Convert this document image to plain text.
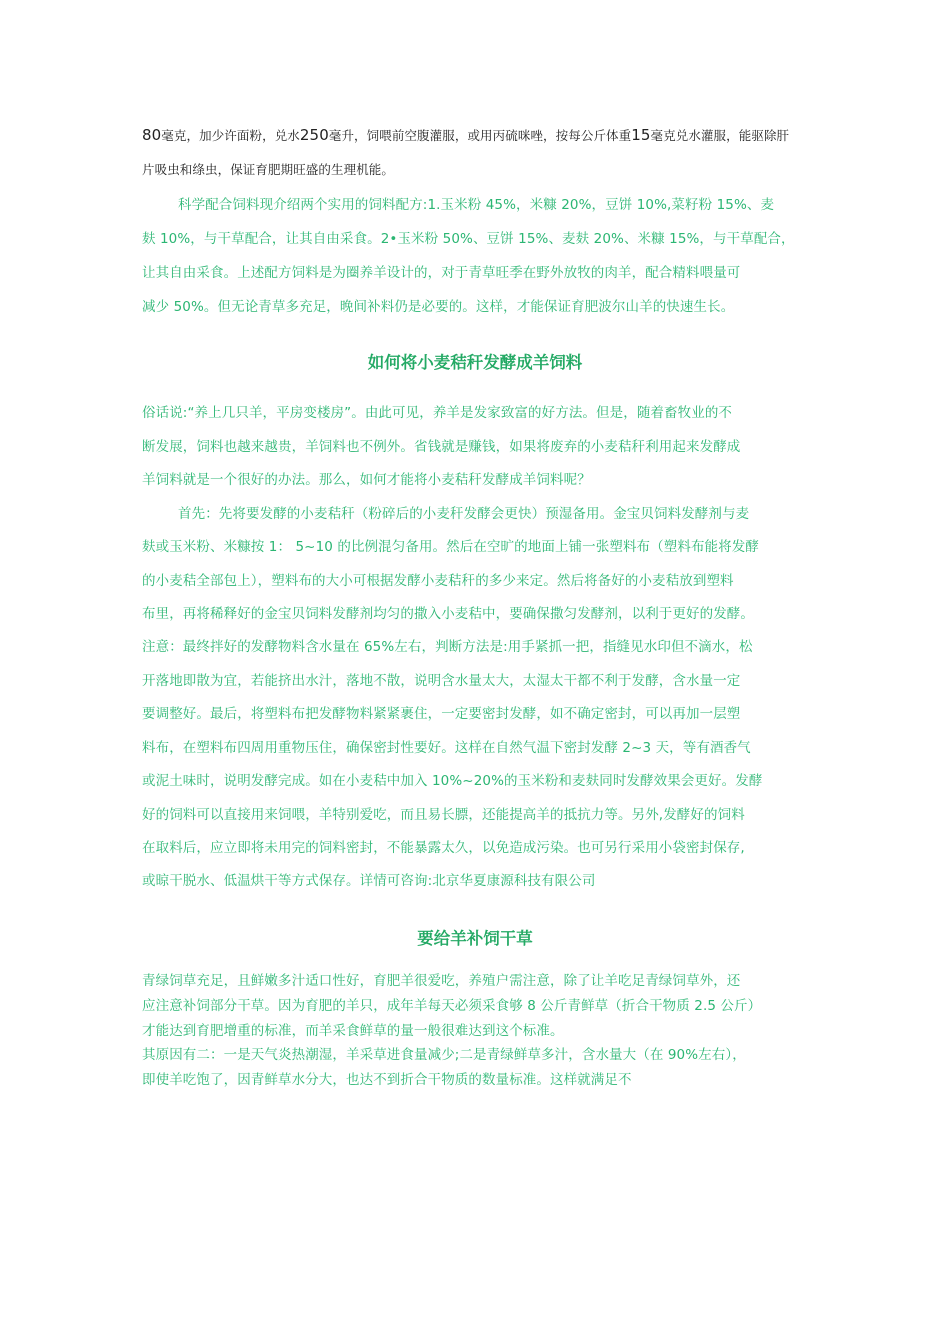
80毫克，加少许面粉，兑水250毫升，饲喂前空腹灌服，或用丙硫咪唑，按每公斤体重15毫克兑水灌服，能驱除肝
片吸虫和绦虫，保证育肥期旺盛的生理机能。
科学配合饲料现介绍两个实用的饲料配方:1.玉米粉 45%，米糠 20%，豆饼 10%,菜籽粉 15%、麦
麸 10%，与干草配合，让其自由采食。2•玉米粉 50%、豆饼 15%、麦麸 20%、米糠 15%，与干草配合，
让其自由采食。上述配方饲料是为圈养羊设计的，对于青草旺季在野外放牧的肉羊，配合精料喂量可
减少 50%。但无论青草多充足，晚间补料仍是必要的。这样，才能保证育肥波尔山羊的快速生长。
如何将小麦秸秆发酵成羊饲料
俗话说:“养上几只羊，平房变楼房”。由此可见，养羊是发家致富的好方法。但是，随着畜牧业的不
断发展，饲料也越来越贵，羊饲料也不例外。省钱就是赚钱，如果将废弃的小麦秸秆利用起来发酵成
羊饲料就是一个很好的办法。那么，如何才能将小麦秸秆发酵成羊饲料呢？
首先：先将要发酵的小麦秸秆（粉碎后的小麦秆发酵会更快）预湿备用。金宝贝饲料发酵剂与麦
麸或玉米粉、米糠按 1： 5~10 的比例混匀备用。然后在空旷的地面上铺一张塑料布（塑料布能将发酵
的小麦秸全部包上），塑料布的大小可根据发酵小麦秸秆的多少来定。然后将备好的小麦秸放到塑料
布里，再将稀释好的金宝贝饲料发酵剂均匀的撒入小麦秸中，要确保撒匀发酵剂，以利于更好的发酵。
注意：最终拌好的发酵物料含水量在 65%左右，判断方法是:用手紧抓一把，指缝见水印但不滴水，松
开落地即散为宜，若能挤出水汁，落地不散，说明含水量太大，太湿太干都不利于发酵，含水量一定
要调整好。最后，将塑料布把发酵物料紧紧裹住，一定要密封发酵，如不确定密封，可以再加一层塑
料布，在塑料布四周用重物压住，确保密封性要好。这样在自然气温下密封发酵 2~3 天，等有酒香气
或泥土味时，说明发酵完成。如在小麦秸中加入 10%~20%的玉米粉和麦麸同时发酵效果会更好。发酵
好的饲料可以直接用来饲喂，羊特别爱吃，而且易长膘，还能提高羊的抵抗力等。另外,发酵好的饲料
在取料后，应立即将未用完的饲料密封，不能暴露太久，以免造成污染。也可另行采用小袋密封保存,
或晾干脱水、低温烘干等方式保存。详情可咨询:北京华夏康源科技有限公司
要给羊补饲干草
青绿饲草充足，且鲜嫩多汁适口性好，育肥羊很爱吃，养殖户需注意，除了让羊吃足青绿饲草外，还
应注意补饲部分干草。因为育肥的羊只，成年羊每天必须采食够 8 公斤青鲜草（折合干物质 2.5 公斤）
才能达到育肥增重的标准，而羊采食鲜草的量一般很难达到这个标准。
其原因有二：一是天气炎热潮湿，羊采草进食量减少;二是青绿鲜草多汁，含水量大（在 90%左右），
即使羊吃饱了，因青鲜草水分大，也达不到折合干物质的数量标准。这样就满足不
